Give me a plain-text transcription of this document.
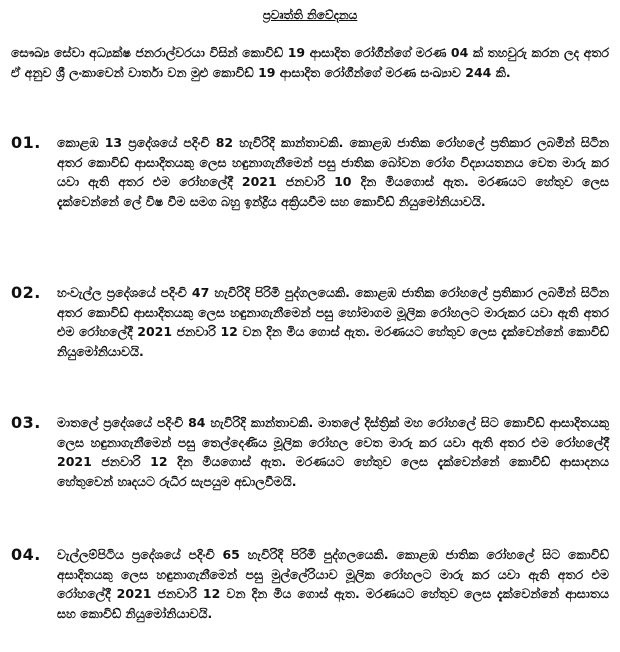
ප්‍රවෘත්ති නිවේදනය
සෞඛ්‍ය සේවා අධ්‍යක්ෂ ජනරාල්වරයා විසින් කොවිඩ් 19 ආසාදිත රෝගීන්ගේ මරණ 04 ක් තහවුරු කරන ලද අතර ඒ අනුව ශ්‍රී ලංකාවෙන් වාර්තා වන මුළු කොවිඩ් 19 ආසාදිත රෝගීන්ගේ මරණ සංඛ්‍යාව 244 කි.
01. කොළඹ 13 ප්‍රදේශයේ පදිංචි 82 හැවිරිදි කාන්තාවකි. කොළඹ ජාතික රෝහලේ ප්‍රතිකාර ලබමින් සිටින අතර කොවිඩ් ආසාදිතයකු ලෙස හඳුනාගැනීමෙන් පසු ජාතික බෝවන රෝග විද්‍යායතනය වෙත මාරු කර යවා ඇති අතර එම රෝහලේදී 2021 ජනවාරි 10 දින මියගොස් ඇත. මරණයට හේතුව ලෙස දැක්වෙන්නේ ලේ විෂ වීම සමග බහු ඉන්ද්‍රිය අක්‍රියවීම සහ කොවිඩ් නියුමෝනියාවයි.
02. හංවැල්ල ප්‍රදේශයේ පදිංචි 47 හැවිරිදි පිරිමි පුද්ගලයෙකි. කොළඹ ජාතික රෝහලේ ප්‍රතිකාර ලබමින් සිටින අතර කොවිඩ් ආසාදිතයකු ලෙස හඳුනාගැනීමෙන් පසු හෝමාගම මූලික රෝහලට මාරුකර යවා ඇති අතර එම රෝහලේදී 2021 ජනවාරි 12 වන දින මිය ගොස් ඇත. මරණයට හේතුව ලෙස දැක්වෙන්නේ කොවිඩ් නියුමෝනියාවයි.
03. මාතලේ ප්‍රදේශයේ පදිංචි 84 හැවිරිදි කාන්තාවකි. මාතලේ දිස්ත්‍රික් මහ රෝහලේ සිට කොවිඩ් ආසාදිතයකු ලෙස හඳුනාගැනීමෙන් පසු තෙල්දෙණිය මූලික රෝහල වෙත මාරු කර යවා ඇති අතර එම රෝහලේදී 2021 ජනවාරි 12 දින මියගොස් ඇත. මරණයට හේතුව ලෙස දැක්වෙන්නේ කොවිඩ් ආසාදනය හේතුවෙන් හෘදයට රුධිර සැපයුම අඩාලවීමයි.
04. වැල්ලම්පිටිය ප්‍රදේශයේ පදිංචි 65 හැවිරිදි පිරිමි පුද්ගලයෙකි. කොළඹ ජාතික රෝහලේ සිට කොවිඩ් අසාදිතයකු ලෙස හඳුනාගැනීමෙන් පසු මුල්ලේරියාව මූලික රෝහලට මාරු කර යවා ඇති අතර එම රෝහලේදී 2021 ජනවාරි 12 වන දින මිය ගොස් ඇත. මරණයට හේතුව ලෙස දැක්වෙන්නේ ආසාතය සහ කොවිඩ් නියුමෝනියාවයි.
